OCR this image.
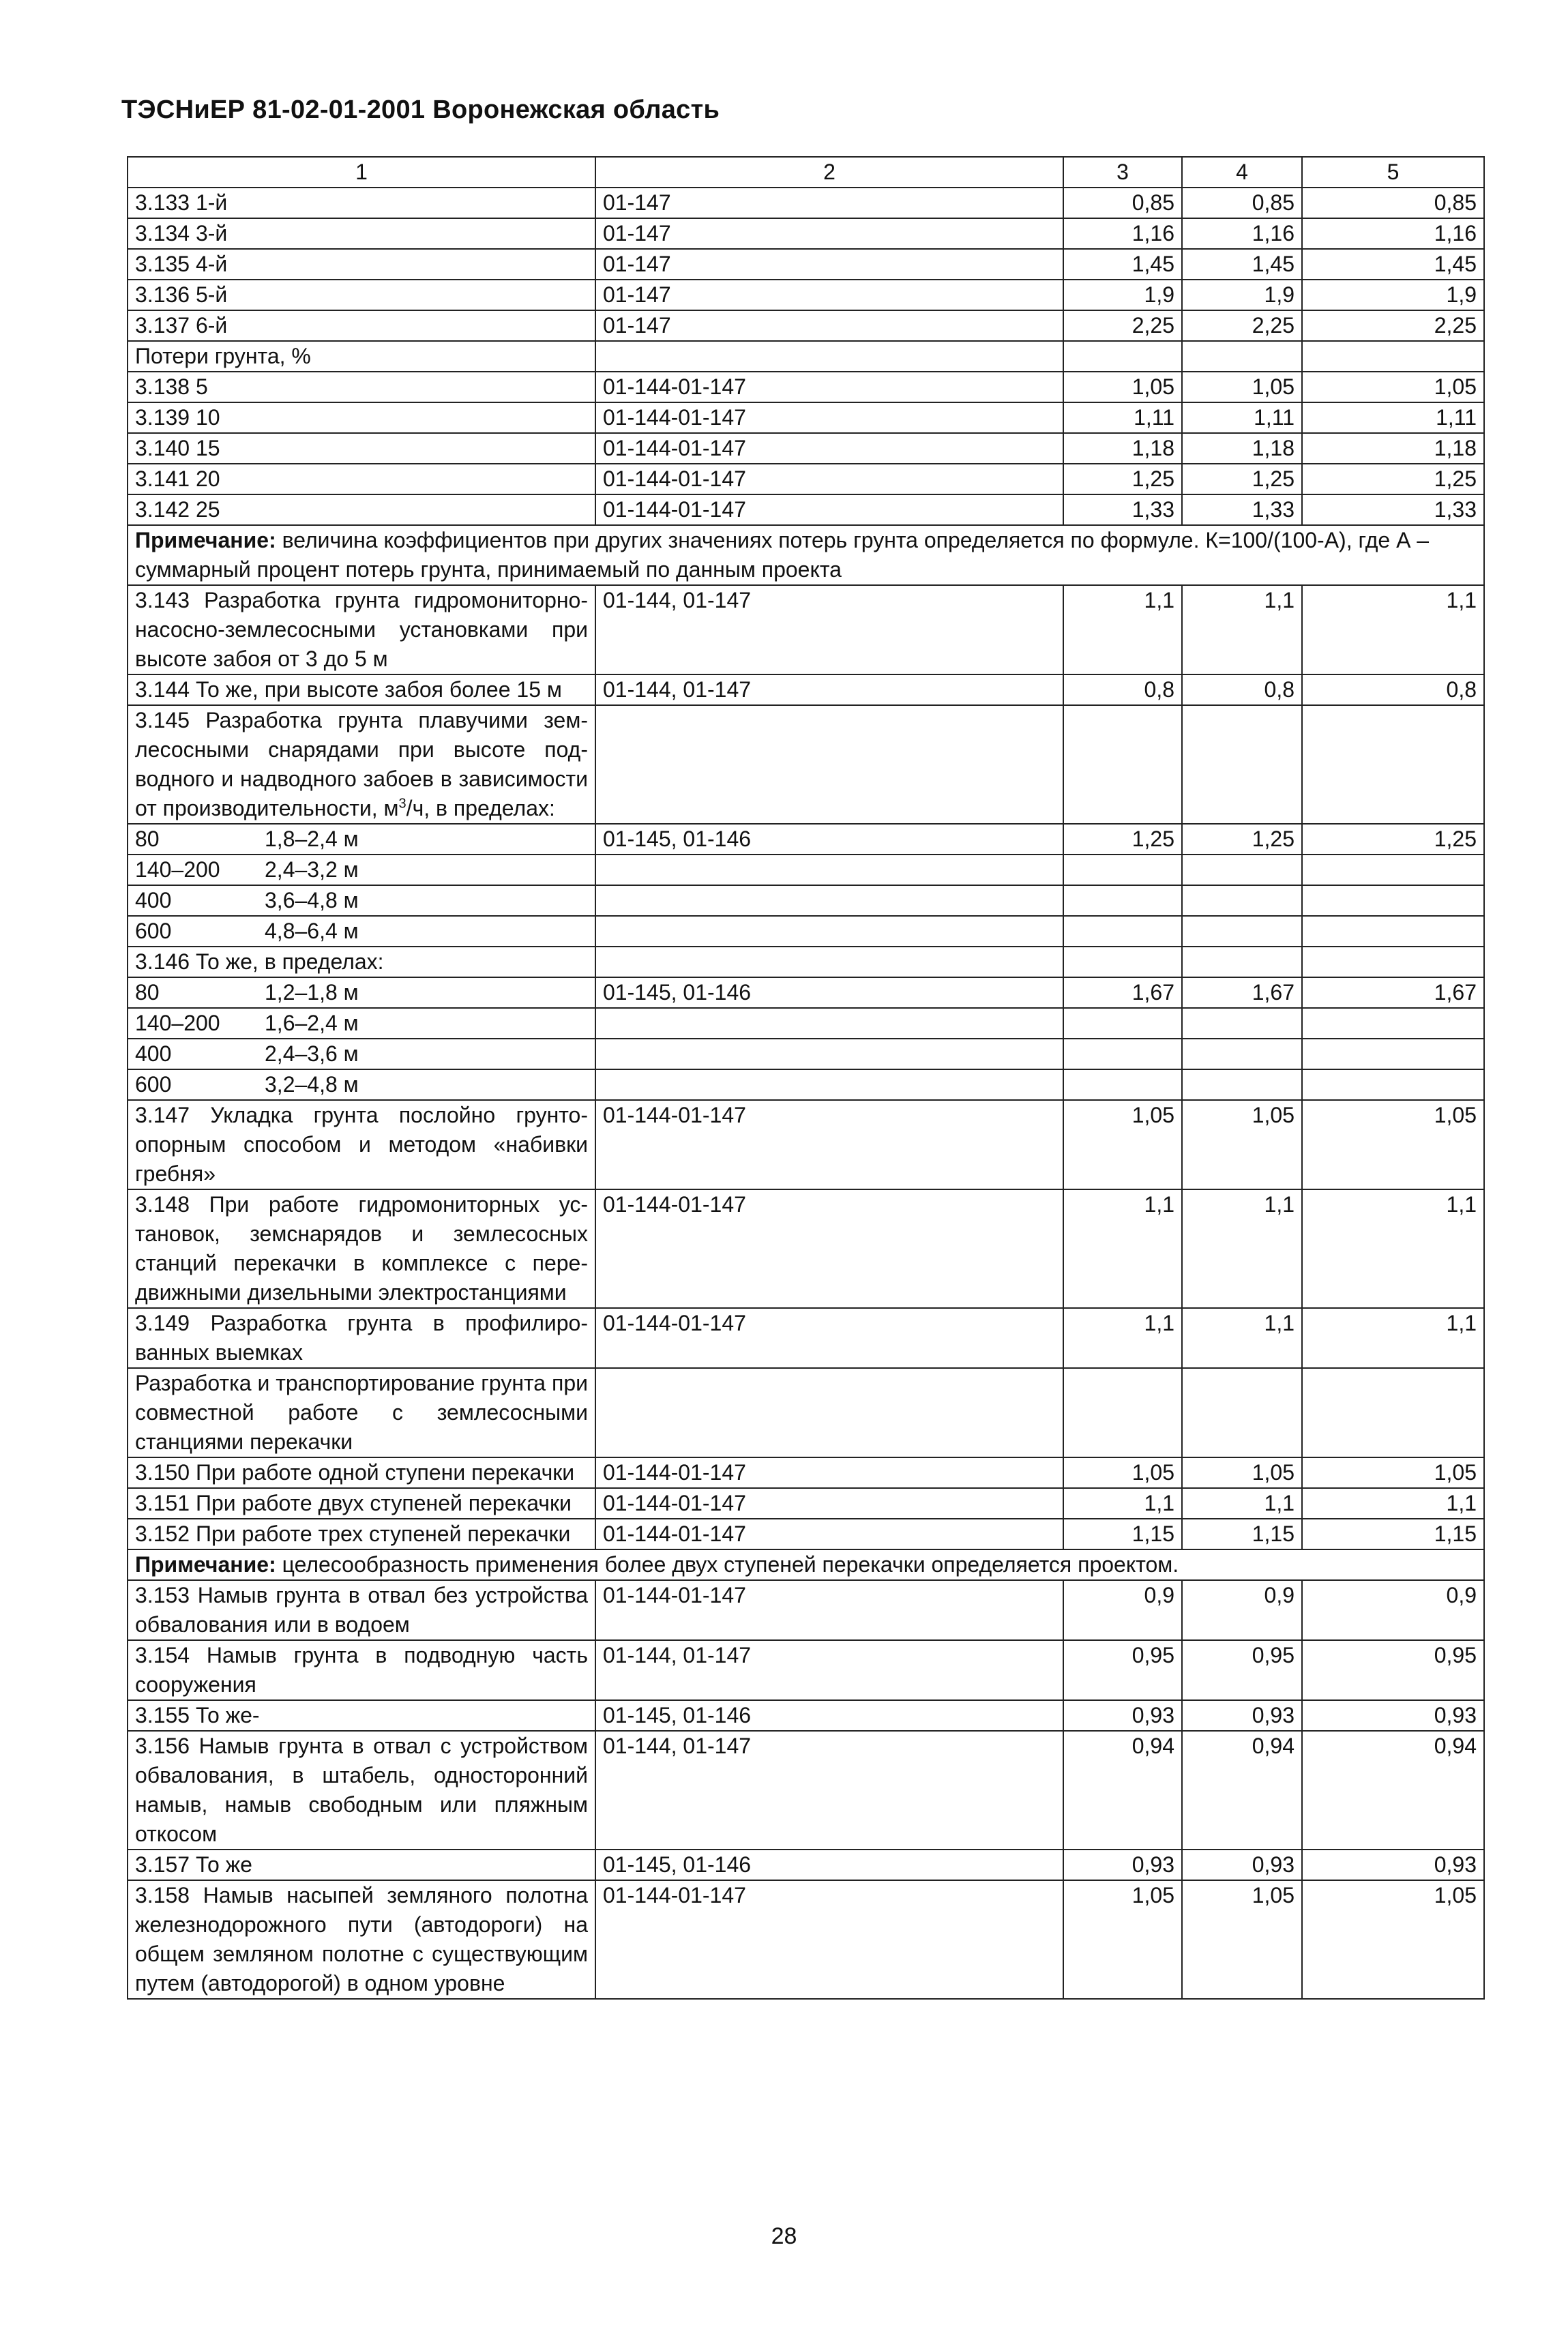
ТЭСНиЕР 81-02-01-2001 Воронежская область
1	2	3	4	5
3.133 1-й	01-147	0,85	0,85	0,85
3.134 3-й	01-147	1,16	1,16	1,16
3.135 4-й	01-147	1,45	1,45	1,45
3.136 5-й	01-147	1,9	1,9	1,9
3.137 6-й	01-147	2,25	2,25	2,25
Потери грунта, %				
3.138 5	01-144-01-147	1,05	1,05	1,05
3.139 10	01-144-01-147	1,11	1,11	1,11
3.140 15	01-144-01-147	1,18	1,18	1,18
3.141 20	01-144-01-147	1,25	1,25	1,25
3.142 25	01-144-01-147	1,33	1,33	1,33
Примечание: величина коэффициентов при других значениях потерь грунта определяется по формуле. К=100/(100-А), где А – суммарный процент потерь грунта, принимаемый по данным проекта				
3.143 Разработка грунта гидромониторно-насосно-землесосными установками при высоте забоя от 3 до 5 м	01-144, 01-147	1,1	1,1	1,1
3.144 То же, при высоте забоя более 15 м	01-144, 01-147	0,8	0,8	0,8
3.145 Разработка грунта плавучими землесосными снарядами при высоте подводного и надводного забоев в зависимости от производительности, $м^3/ч$, в пределах:				

80 1,8–2,4 м	01-145, 01-146	1,25	1,25	1,25

140–200 2,4–3,2 м				

400 3,6–4,8 м				

600 4,8–6,4 м				

3.146 То же, в пределах:				

80 1,2–1,8 м	01-145, 01-146	1,67	1,67	1,67

140–200 1,6–2,4 м				

400 2,4–3,6 м				

600 3,2–4,8 м				

3.147 Укладка грунта послойно грунтоопорным способом и методом «набивки гребня»	01-144-01-147	1,05	1,05	1,05
3.148 При работе гидромониторных установок, земснарядов и землесосных станций перекачки в комплексе с передвижными дизельными электростанциями	01-144-01-147	1,1	1,1	1,1
3.149 Разработка грунта в профилированных выемках	01-144-01-147	1,1	1,1	1,1
Разработка и транспортирование грунта при совместной работе с землесосными станциями перекачки				
3.150 При работе одной ступени перекачки	01-144-01-147	1,05	1,05	1,05
3.151 При работе двух ступеней перекачки	01-144-01-147	1,1	1,1	1,1
3.152 При работе трех ступеней перекачки	01-144-01-147	1,15	1,15	1,15
Примечание: целесообразность применения более двух ступеней перекачки определяется проектом.				
3.153 Намыв грунта в отвал без устройства обвалования или в водоем	01-144-01-147	0,9	0,9	0,9
3.154 Намыв грунта в подводную часть сооружения	01-144, 01-147	0,95	0,95	0,95
3.155 То же-	01-145, 01-146	0,93	0,93	0,93
3.156 Намыв грунта в отвал с устройством обвалования, в штабель, односторонний намыв, намыв свободным или пляжным откосом	01-144, 01-147	0,94	0,94	0,94
3.157 То же	01-145, 01-146	0,93	0,93	0,93
3.158 Намыв насыпей земляного полотна железнодорожного пути (автодороги) на общем земляном полотне с существующим путем (автодорогой) в одном уровне	01-144-01-147	1,05	1,05	1,05
28
